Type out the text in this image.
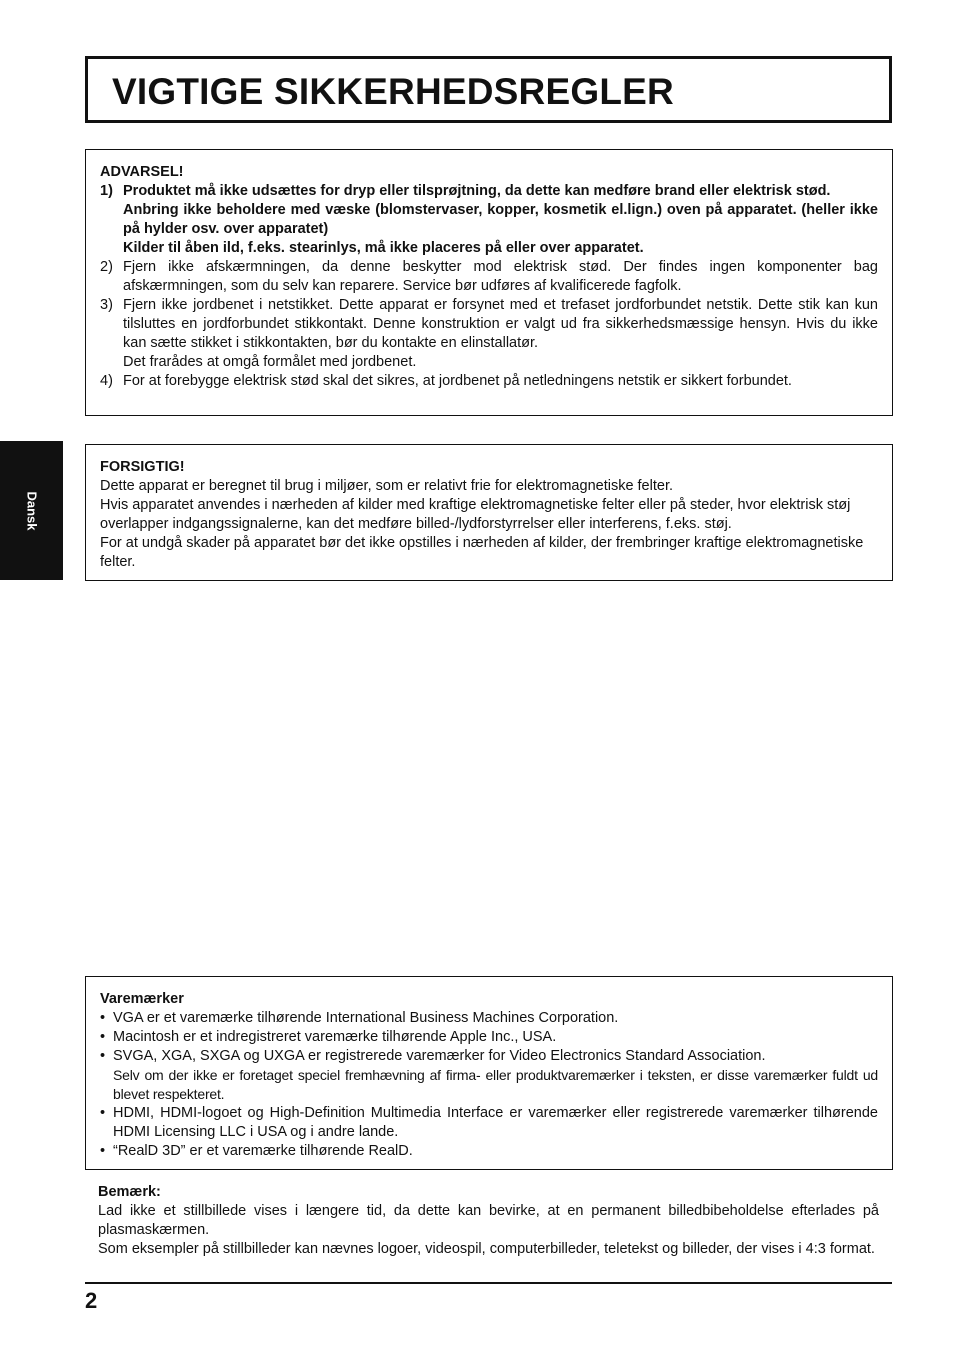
VIGTIGE SIKKERHEDSREGLER
Dansk
ADVARSEL!
1) Produktet må ikke udsættes for dryp eller tilsprøjtning, da dette kan medføre brand eller elektrisk stød.
Anbring ikke beholdere med væske (blomstervaser, kopper, kosmetik el.lign.) oven på apparatet. (heller ikke på hylder osv. over apparatet)
Kilder til åben ild, f.eks. stearinlys, må ikke placeres på eller over apparatet.
2) Fjern ikke afskærmningen, da denne beskytter mod elektrisk stød. Der findes ingen komponenter bag afskærmningen, som du selv kan reparere. Service bør udføres af kvalificerede fagfolk.
3) Fjern ikke jordbenet i netstikket. Dette apparat er forsynet med et trefaset jordforbundet netstik. Dette stik kan kun tilsluttes en jordforbundet stikkontakt. Denne konstruktion er valgt ud fra sikkerhedsmæssige hensyn. Hvis du ikke kan sætte stikket i stikkontakten, bør du kontakte en elinstallatør.
Det frarådes at omgå formålet med jordbenet.
4) For at forebygge elektrisk stød skal det sikres, at jordbenet på netledningens netstik er sikkert forbundet.
FORSIGTIG!

Dette apparat er beregnet til brug i miljøer, som er relativt frie for elektromagnetiske felter.

Hvis apparatet anvendes i nærheden af kilder med kraftige elektromagnetiske felter eller på steder, hvor elektrisk støj overlapper indgangssignalerne, kan det medføre billed-/lydforstyrrelser eller interferens, f.eks. støj.

For at undgå skader på apparatet bør det ikke opstilles i nærheden af kilder, der frembringer kraftige elektromagnetiske felter.

Varemærker
• VGA er et varemærke tilhørende International Business Machines Corporation.
• Macintosh er et indregistreret varemærke tilhørende Apple Inc., USA.
• SVGA, XGA, SXGA og UXGA er registrerede varemærker for Video Electronics Standard Association.
Selv om der ikke er foretaget speciel fremhævning af firma- eller produktvaremærker i teksten, er disse varemærker fuldt ud blevet respekteret.
• HDMI, HDMI-logoet og High-Definition Multimedia Interface er varemærker eller registrerede varemærker tilhørende HDMI Licensing LLC i USA og i andre lande.
• “RealD 3D” er et varemærke tilhørende RealD.
Bemærk:

Lad ikke et stillbillede vises i længere tid, da dette kan bevirke, at en permanent billedbibeholdelse efterlades på plasmaskærmen.

Som eksempler på stillbilleder kan nævnes logoer, videospil, computerbilleder, teletekst og billeder, der vises i 4:3 format.

2
